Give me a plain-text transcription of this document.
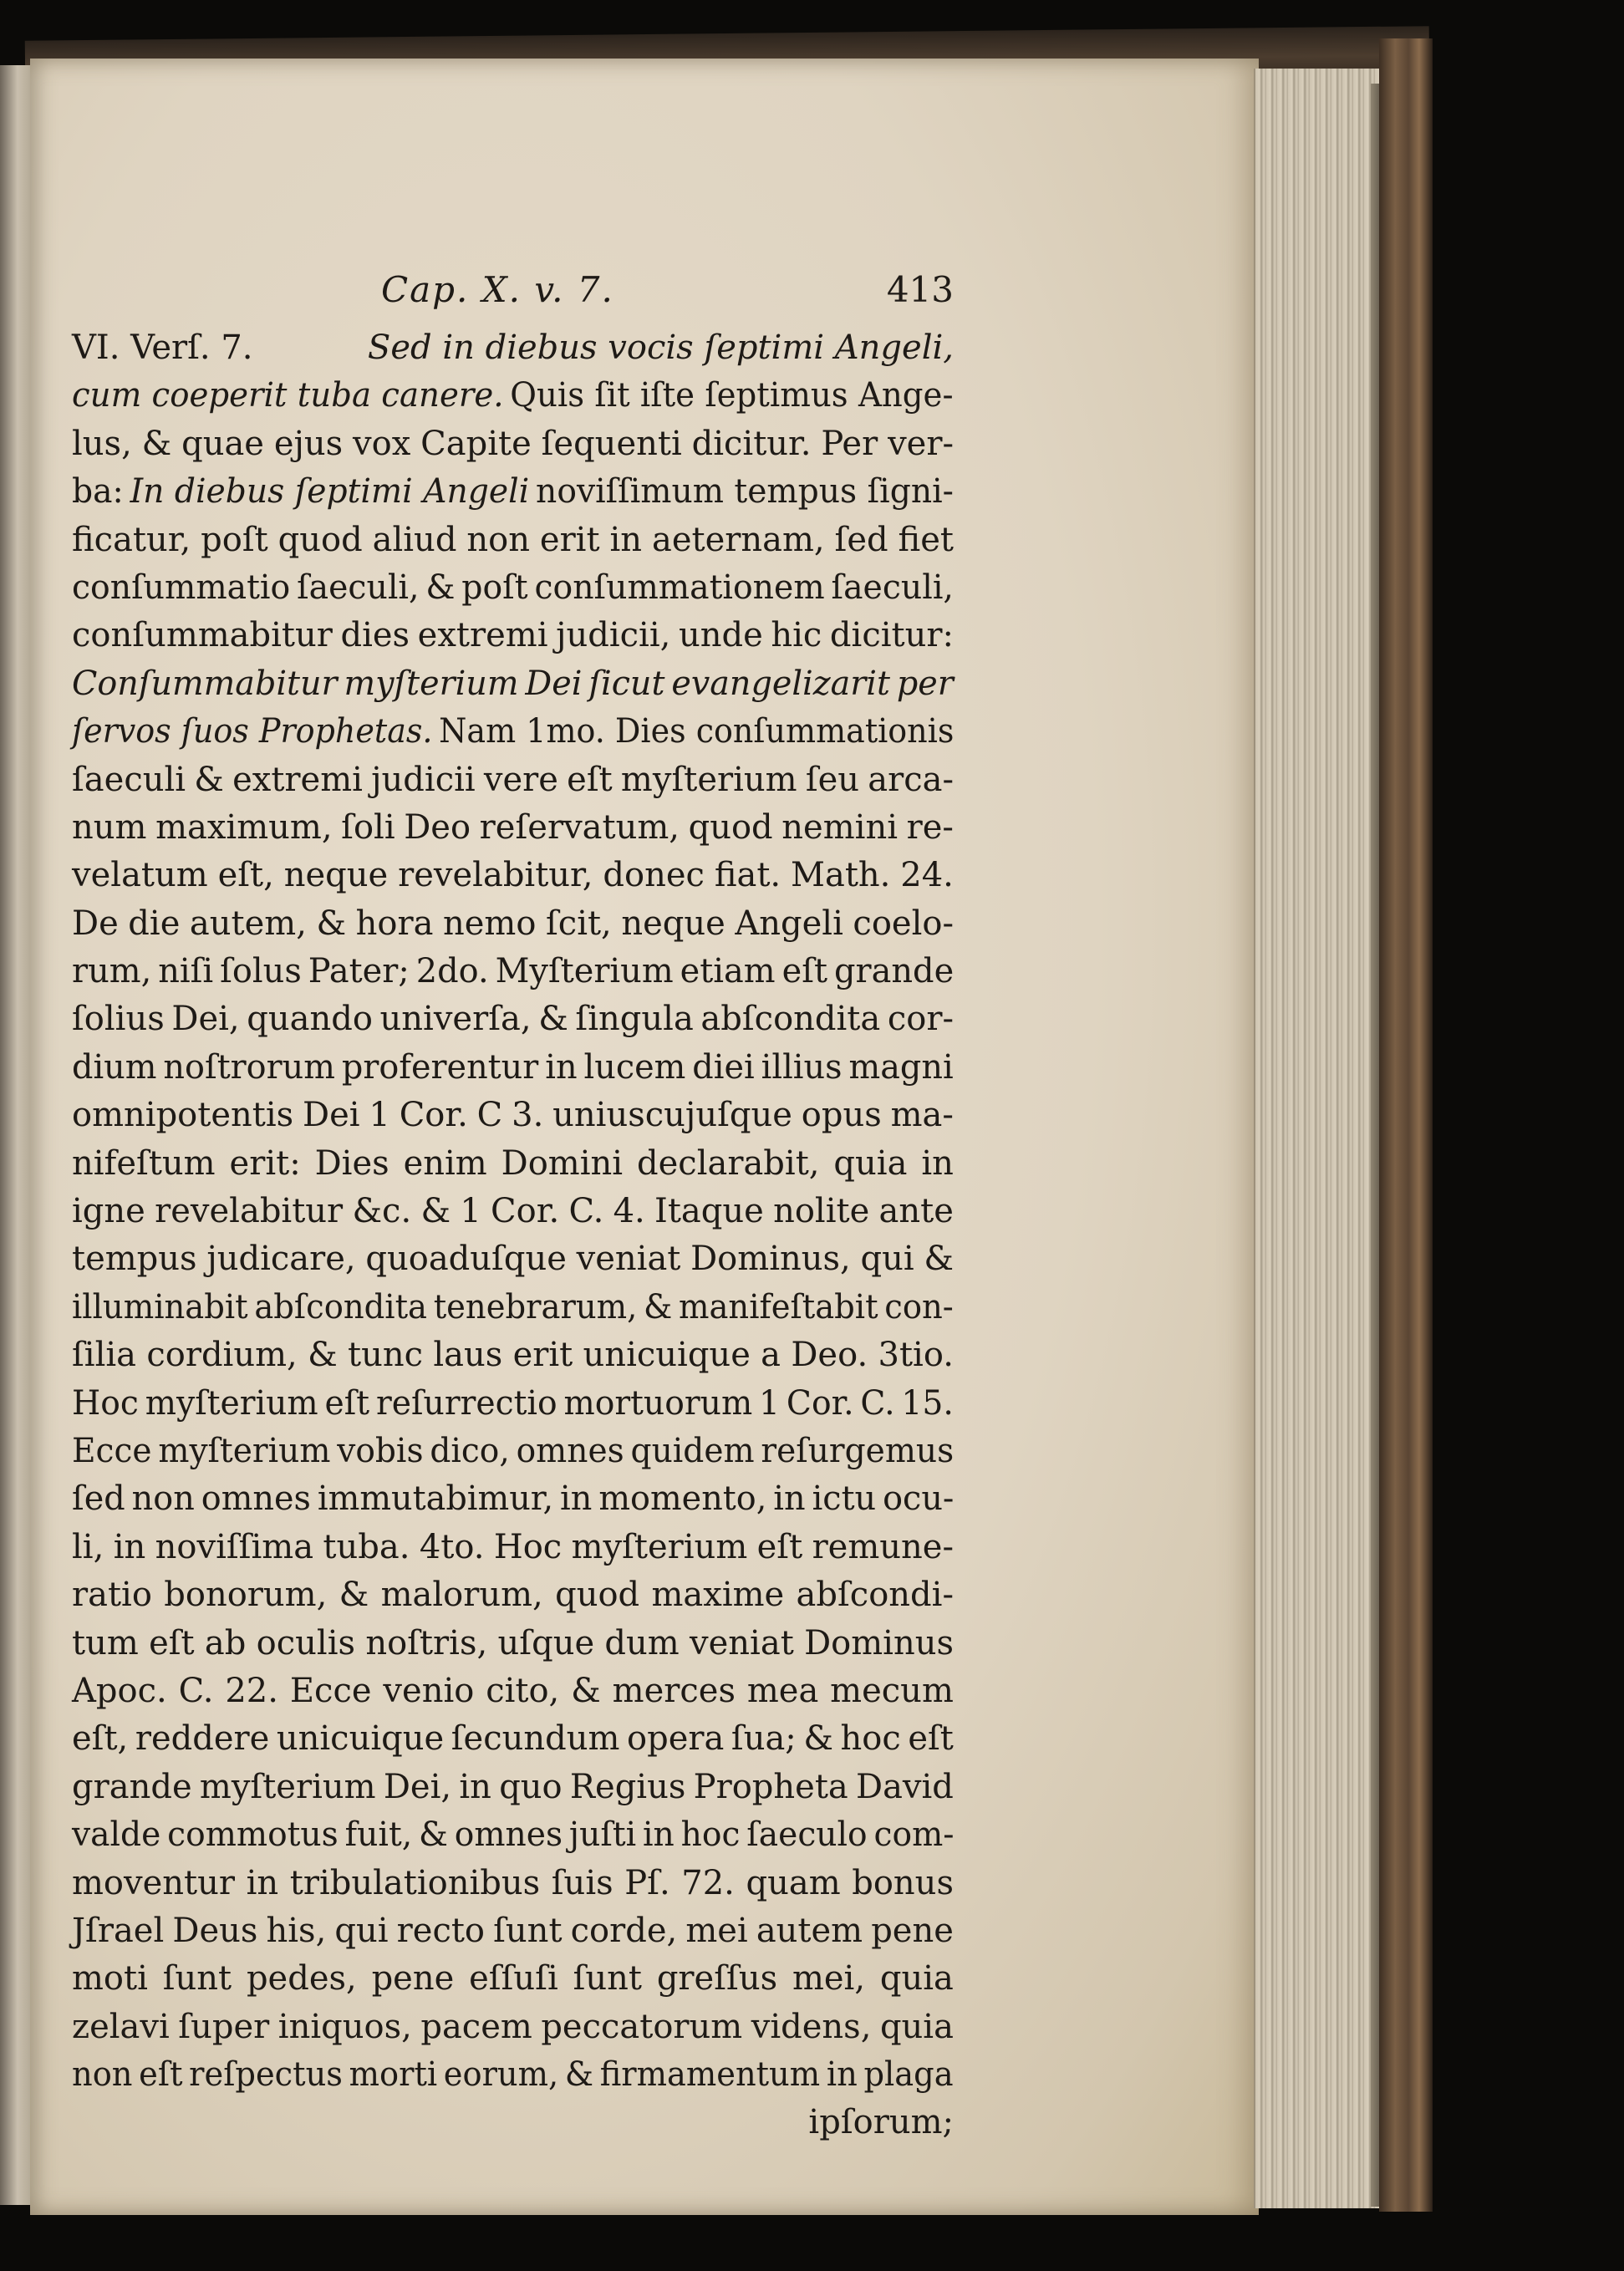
Cap. X. v. 7.	413
VI. Verſ. 7.	Sed in diebus vocis ſeptimi Angeli,
cum coeperit tuba canere. Quis ſit iſte ſeptimus Ange-
lus, & quae ejus vox Capite ſequenti dicitur. Per ver-
ba: In diebus ſeptimi Angeli noviſſimum tempus ſigni-
ficatur, poſt quod aliud non erit in aeternam, ſed fiet
conſummatio ſaeculi, & poſt conſummationem ſaeculi,
conſummabitur dies extremi judicii, unde hic dicitur:
Conſummabitur myſterium Dei ſicut evangelizarit per
ſervos ſuos Prophetas. Nam 1mo. Dies conſummationis
ſaeculi & extremi judicii vere eſt myſterium ſeu arca-
num maximum, ſoli Deo reſervatum, quod nemini re-
velatum eſt, neque revelabitur, donec fiat. Math. 24.
De die autem, & hora nemo ſcit, neque Angeli coelo-
rum, niſi ſolus Pater; 2do. Myſterium etiam eſt grande
ſolius Dei, quando univerſa, & ſingula abſcondita cor-
dium noſtrorum proferentur in lucem diei illius magni
omnipotentis Dei 1 Cor. C 3. uniuscujuſque opus ma-
nifeſtum erit: Dies enim Domini declarabit, quia in
igne revelabitur &c. & 1 Cor. C. 4. Itaque nolite ante
tempus judicare, quoaduſque veniat Dominus, qui &
illuminabit abſcondita tenebrarum, & manifeſtabit con-
ſilia cordium, & tunc laus erit unicuique a Deo. 3tio.
Hoc myſterium eſt reſurrectio mortuorum 1 Cor. C. 15.
Ecce myſterium vobis dico, omnes quidem reſurgemus
ſed non omnes immutabimur, in momento, in ictu ocu-
li, in noviſſima tuba. 4to. Hoc myſterium eſt remune-
ratio bonorum, & malorum, quod maxime abſcondi-
tum eſt ab oculis noſtris, uſque dum veniat Dominus
Apoc. C. 22. Ecce venio cito, & merces mea mecum
eſt, reddere unicuique ſecundum opera ſua; & hoc eſt
grande myſterium Dei, in quo Regius Propheta David
valde commotus fuit, & omnes juſti in hoc ſaeculo com-
moventur in tribulationibus ſuis Pſ. 72. quam bonus
Jſrael Deus his, qui recto ſunt corde, mei autem pene
moti ſunt pedes, pene eſſuſi ſunt greſſus mei, quia
zelavi ſuper iniquos, pacem peccatorum videns, quia
non eſt reſpectus morti eorum, & firmamentum in plaga
ipſorum;
